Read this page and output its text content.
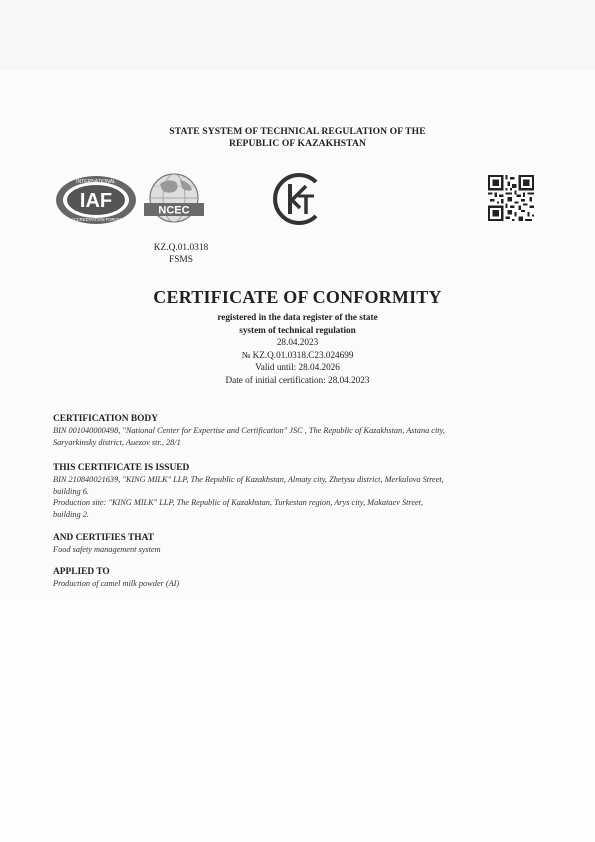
STATE SYSTEM OF TECHNICAL REGULATION OF THE
REPUBLIC OF KAZAKHSTAN
IAF
INTERNATIONAL
ACCREDITATION FORUM
NCEC
KZ.Q.01.0318
FSMS
CERTIFICATE OF CONFORMITY
registered in the data register of the state
system of technical regulation
28.04.2023
№ KZ.Q.01.0318.C23.024699
Valid until: 28.04.2026
Date of initial certification: 28.04.2023
CERTIFICATION BODY
BIN 001040000498, "National Center for Expertise and Certification" JSC , The Republic of Kazakhstan, Astana city,
Saryarkinsky district, Auezov str., 28/1
THIS CERTIFICATE IS ISSUED
BIN 210840021639, "KING MILK" LLP, The Republic of Kazakhstan, Almaty city, Zhetysu district, Merkulova Street,
building 6.
Production site: "KING MILK" LLP, The Republic of Kazakhstan, Turkestan region, Arys city, Makataev Street,
building 2.
AND CERTIFIES THAT
Food safety management system
APPLIED TO
Production of camel milk powder (AI)
